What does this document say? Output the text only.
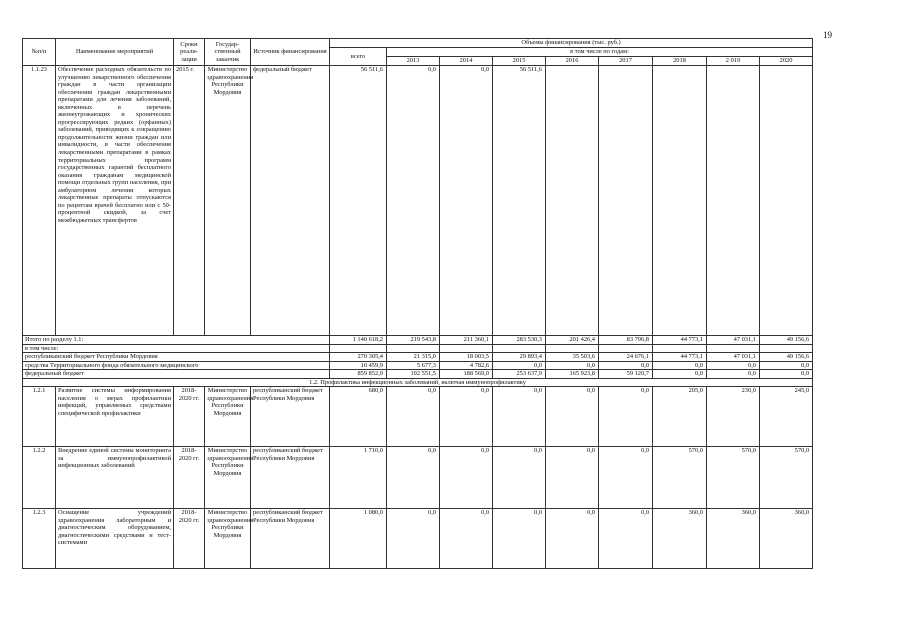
19
№п/п	Наименование мероприятий	Сроки реали-зации	Государ-ственный заказчик	Источник финансирования	Объемы финансирования (тыс. руб.)								
					всего	в том числе по годам:							
						2013	2014	2015	2016	2017	2018	2 019	2020
1.1.23	Обеспечение расходных обязательств по улучшению лекарственного обеспечения граждан в части организации обеспечения граждан лекарственными препаратами для лечения заболеваний, включенных в перечень жизнеугрожающих и хронических прогрессирующих редких (орфанных) заболеваний, приводящих к сокращению продолжительности жизни граждан или инвалидности, в части обеспечения лекарственными препаратами в рамках территориальных программ государственных гарантий бесплатного оказания гражданам медицинской помощи отдельных групп населения, при амбулаторном лечении которых лекарственные препараты отпускаются по рецептам врачей бесплатно или с 50-процентной скидкой, за счет межбюджетных трансфертов	2015 г.	Министерство здравоохранения Республики Мордовия	федеральный бюджет	56 511,6	0,0	0,0	56 511,6					
Итого по разделу 1.1:					1 140 618,2	219 543,8	211 360,1	283 530,3	201 426,4	83 796,8	44 773,1	47 031,1	49 156,6
в том числе:													
республиканский бюджет Республики Мордовия					270 305,4	21 315,0	18 003,5	29 893,4	35 503,6	24 676,1	44 773,1	47 031,1	49 156,6
средства Территориального фонда обязательного медицинского					10 459,9	5 677,3	4 782,6	0,0	0,0	0,0	0,0	0,0	0,0
федеральный бюджет					859 852,9	192 551,5	188 569,0	253 637,9	165 923,8	59 120,7	0,0	0,0	0,0
1.2. Профилактика инфекционных заболеваний, включая иммунопрофилактику													
1.2.1	Развитие системы информирования населения о мерах профилактики инфекций, управляемых средствами специфической профилактики	2018-2020 гг.	Министерство здравоохранения Республики Мордовия	республиканский бюджет Республики Мордовия	680,0	0,0	0,0	0,0	0,0	0,0	205,0	230,0	245,0
1.2.2	Внедрение единой системы мониторинга за иммунопрофилактикой инфекционных заболеваний	2018-2020 гг.	Министерство здравоохранения Республики Мордовия	республиканский бюджет Республики Мордовия	1 710,0	0,0	0,0	0,0	0,0	0,0	570,0	570,0	570,0
1.2.3	Оснащение учреждений здравоохранения лабораторным и диагностическим оборудованием, диагностическими средствами и тест-системами	2018-2020 гг.	Министерство здравоохранения Республики Мордовия	республиканский бюджет Республики Мордовия	1 080,0	0,0	0,0	0,0	0,0	0,0	360,0	360,0	360,0
